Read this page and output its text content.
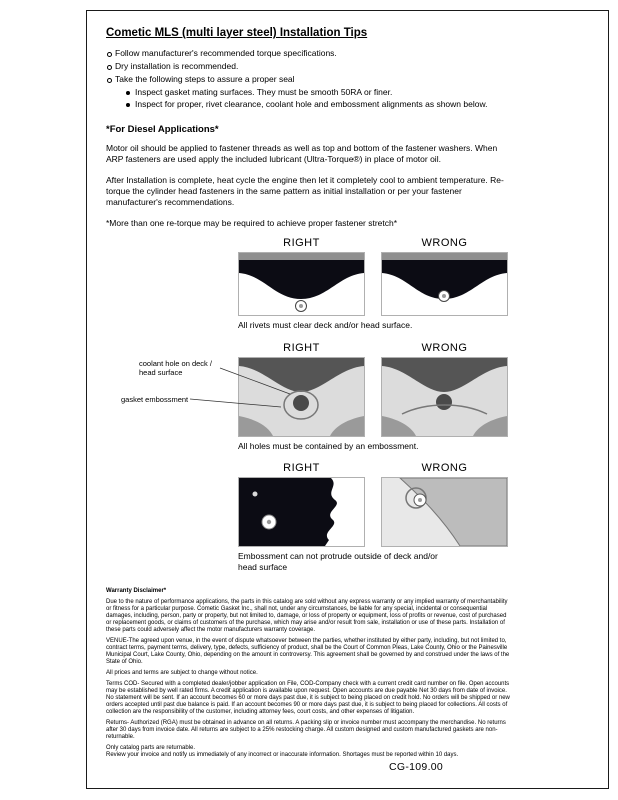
Cometic MLS (multi layer steel) Installation Tips
Follow manufacturer's recommended torque specifications.
Dry installation is recommended.
Take the following steps to assure a proper seal
Inspect gasket mating surfaces. They must be smooth 50RA or finer.
Inspect for proper, rivet clearance, coolant hole and embossment alignments as shown below.
*For Diesel Applications*

Motor oil should be applied to fastener threads as well as top and bottom of the fastener washers. When ARP fasteners are used apply the included lubricant (Ultra-Torque®) in place of motor oil.

After Installation is complete, heat cycle the engine then let it completely cool to ambient temperature. Re-torque the cylinder head fasteners in the same pattern as initial installation or per your fastener manufacturer's recommendations.

*More than one re-torque may be required to achieve proper fastener stretch*

RIGHT	WRONG

All rivets must clear deck and/or head surface.

RIGHT	WRONG
coolant hole on deck / head surface
gasket embossment

All holes must be contained by an embossment.

RIGHT	WRONG

Embossment can not protrude outside of deck and/or head surface

Warranty Disclaimer*

Due to the nature of performance applications, the parts in this catalog are sold without any express warranty or any implied warranty of merchantability or fitness for a particular purpose. Cometic Gasket Inc., shall not, under any circumstances, be liable for any special, incidental or consequential damages, including, person, party or property, but not limited to, damage, or loss of property or equipment, loss of profits or revenue, cost of purchased or replacement goods, or claims of customers of the purchase, which may arise and/or result from sale, installation or use of these parts. Installation of these parts could adversely affect the motor manufacturers warranty coverage.

VENUE-The agreed upon venue, in the event of dispute whatsoever between the parties, whether instituted by either party, including, but not limited to, contract terms, payment terms, delivery, type, defects, sufficiency of product, shall be the Court of Common Pleas, Lake County, Ohio or the Painesville Municipal Court, Lake County, Ohio, depending on the amount in controversy. This agreement shall be governed by and construed under the laws of the State of Ohio.

All prices and terms are subject to change without notice.

Terms COD- Secured with a completed dealer/jobber application on File, COD-Company check with a current credit card number on file. Open accounts may be established by well rated firms. A credit application is available upon request. Open accounts are due payable Net 30 days from date of invoice. No statement will be sent. If an account becomes 60 or more days past due, it is subject to being placed on credit hold. No orders will be shipped or new orders accepted until past due balance is paid. If an account becomes 90 or more days past due, it is subject to being placed for collections. All costs of collection are the responsibility of the customer, including attorney fees, court costs, and other expenses of litigation.

Returns- Authorized (RGA) must be obtained in advance on all returns. A packing slip or invoice number must accompany the merchandise. No returns after 30 days from invoice date. All returns are subject to a 25% restocking charge. All custom designed and custom manufactured gaskets are non-returnable.

Only catalog parts are returnable.

Review your invoice and notify us immediately of any incorrect or inaccurate information. Shortages must be reported within 10 days.

CG-109.00
